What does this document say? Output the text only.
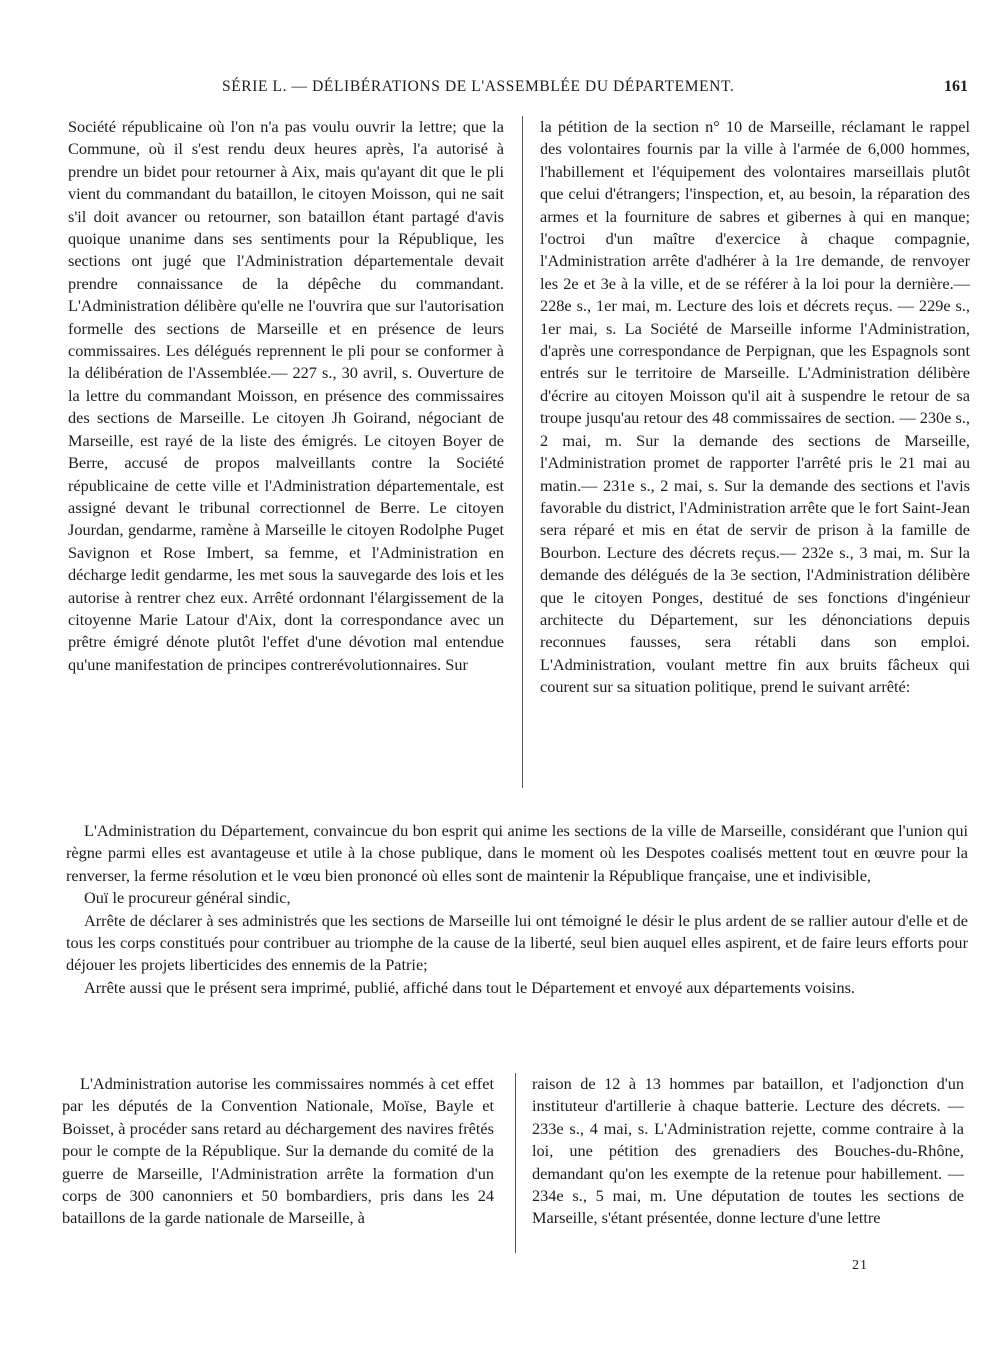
SÉRIE L. — DÉLIBÉRATIONS DE L'ASSEMBLÉE DU DÉPARTEMENT.	161

Société républicaine où l'on n'a pas voulu ouvrir la lettre; que la Commune, où il s'est rendu deux heures après, l'a autorisé à prendre un bidet pour retourner à Aix, mais qu'ayant dit que le pli vient du commandant du bataillon, le citoyen Moisson, qui ne sait s'il doit avancer ou retourner, son bataillon étant partagé d'avis quoique unanime dans ses sentiments pour la République, les sections ont jugé que l'Administration départementale devait prendre connaissance de la dépêche du commandant. L'Administration délibère qu'elle ne l'ouvrira que sur l'autorisation formelle des sections de Marseille et en présence de leurs commissaires. Les délégués reprennent le pli pour se conformer à la délibération de l'Assemblée.— 227 s., 30 avril, s. Ouverture de la lettre du commandant Moisson, en présence des commissaires des sections de Marseille. Le citoyen Jh Goirand, négociant de Marseille, est rayé de la liste des émigrés. Le citoyen Boyer de Berre, accusé de propos malveillants contre la Société républicaine de cette ville et l'Administration départementale, est assigné devant le tribunal correctionnel de Berre. Le citoyen Jourdan, gendarme, ramène à Marseille le citoyen Rodolphe Puget Savignon et Rose Imbert, sa femme, et l'Administration en décharge ledit gendarme, les met sous la sauvegarde des lois et les autorise à rentrer chez eux. Arrêté ordonnant l'élargissement de la citoyenne Marie Latour d'Aix, dont la correspondance avec un prêtre émigré dénote plutôt l'effet d'une dévotion mal entendue qu'une manifestation de principes contrerévolutionnaires. Sur

la pétition de la section n° 10 de Marseille, réclamant le rappel des volontaires fournis par la ville à l'armée de 6,000 hommes, l'habillement et l'équipement des volontaires marseillais plutôt que celui d'étrangers; l'inspection, et, au besoin, la réparation des armes et la fourniture de sabres et gibernes à qui en manque; l'octroi d'un maître d'exercice à chaque compagnie, l'Administration arrête d'adhérer à la 1re demande, de renvoyer les 2e et 3e à la ville, et de se référer à la loi pour la dernière.— 228e s., 1er mai, m. Lecture des lois et décrets reçus. — 229e s., 1er mai, s. La Société de Marseille informe l'Administration, d'après une correspondance de Perpignan, que les Espagnols sont entrés sur le territoire de Marseille. L'Administration délibère d'écrire au citoyen Moisson qu'il ait à suspendre le retour de sa troupe jusqu'au retour des 48 commissaires de section. — 230e s., 2 mai, m. Sur la demande des sections de Marseille, l'Administration promet de rapporter l'arrêté pris le 21 mai au matin.— 231e s., 2 mai, s. Sur la demande des sections et l'avis favorable du district, l'Administration arrête que le fort Saint-Jean sera réparé et mis en état de servir de prison à la famille de Bourbon. Lecture des décrets reçus.— 232e s., 3 mai, m. Sur la demande des délégués de la 3e section, l'Administration délibère que le citoyen Ponges, destitué de ses fonctions d'ingénieur architecte du Département, sur les dénonciations depuis reconnues fausses, sera rétabli dans son emploi. L'Administration, voulant mettre fin aux bruits fâcheux qui courent sur sa situation politique, prend le suivant arrêté:

L'Administration du Département, convaincue du bon esprit qui anime les sections de la ville de Marseille, considérant que l'union qui règne parmi elles est avantageuse et utile à la chose publique, dans le moment où les Despotes coalisés mettent tout en œuvre pour la renverser, la ferme résolution et le vœu bien prononcé où elles sont de maintenir la République française, une et indivisible,

Ouï le procureur général sindic,

Arrête de déclarer à ses administrés que les sections de Marseille lui ont témoigné le désir le plus ardent de se rallier autour d'elle et de tous les corps constitués pour contribuer au triomphe de la cause de la liberté, seul bien auquel elles aspirent, et de faire leurs efforts pour déjouer les projets liberticides des ennemis de la Patrie;

Arrête aussi que le présent sera imprimé, publié, affiché dans tout le Département et envoyé aux départements voisins.

L'Administration autorise les commissaires nommés à cet effet par les députés de la Convention Nationale, Moïse, Bayle et Boisset, à procéder sans retard au déchargement des navires frêtés pour le compte de la République. Sur la demande du comité de la guerre de Marseille, l'Administration arrête la formation d'un corps de 300 canonniers et 50 bombardiers, pris dans les 24 bataillons de la garde nationale de Marseille, à

raison de 12 à 13 hommes par bataillon, et l'adjonction d'un instituteur d'artillerie à chaque batterie. Lecture des décrets. — 233e s., 4 mai, s. L'Administration rejette, comme contraire à la loi, une pétition des grenadiers des Bouches-du-Rhône, demandant qu'on les exempte de la retenue pour habillement. — 234e s., 5 mai, m. Une députation de toutes les sections de Marseille, s'étant présentée, donne lecture d'une lettre

21
